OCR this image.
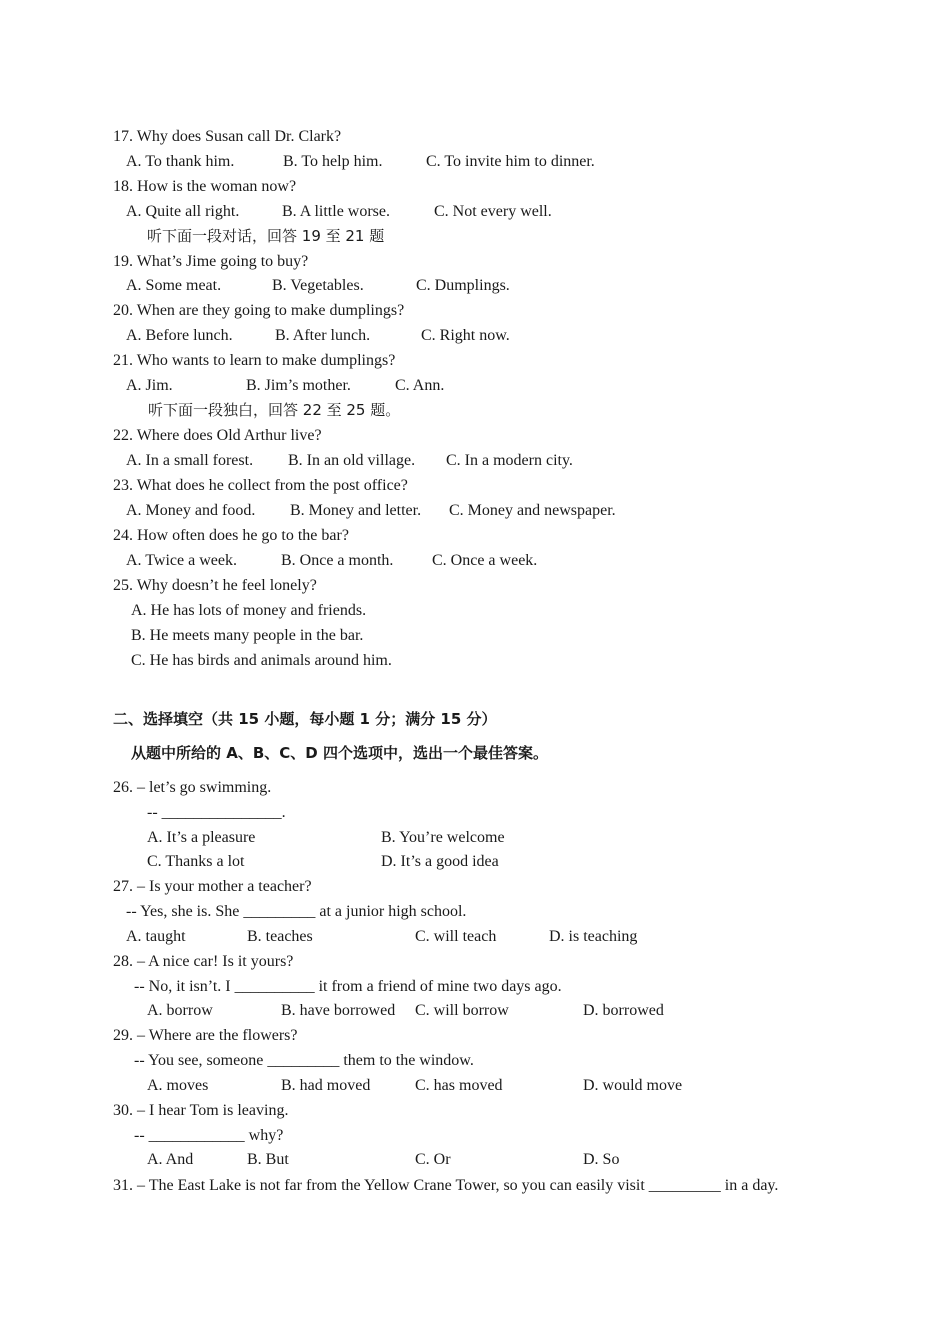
17. Why does Susan call Dr. Clark?
A. To thank him.	B. To help him.	C. To invite him to dinner.
18. How is the woman now?
A. Quite all right.	B. A little worse.	C. Not every well.
听下面一段对话，回答 19 至 21 题
19. What’s Jime going to buy?
A. Some meat.	B. Vegetables.	C. Dumplings.
20. When are they going to make dumplings?
A. Before lunch.	B. After lunch.	C. Right now.
21. Who wants to learn to make dumplings?
A. Jim.	B. Jim’s mother.	C. Ann.
听下面一段独白，回答 22 至 25 题。
22. Where does Old Arthur live?
A. In a small forest. B. In an old village. C. In a modern city.
23. What does he collect from the post office?
A. Money and food. B. Money and letter. C. Money and newspaper.
24. How often does he go to the bar?
A. Twice a week.	B. Once a month. C. Once a week.
25. Why doesn’t he feel lonely?
A. He has lots of money and friends.
B. He meets many people in the bar.
C. He has birds and animals around him.
二、选择填空（共 15 小题，每小题 1 分；满分 15 分）
从题中所给的 A、B、C、D 四个选项中，选出一个最佳答案。
26. – let’s go swimming.
-- _______________.
A. It’s a pleasure	B. You’re welcome
C. Thanks a lot	D. It’s a good idea
27. – Is your mother a teacher?
-- Yes, she is. She _________ at a junior high school.
A. taught	B. teaches	C. will teach	D. is teaching
28. – A nice car! Is it yours?
-- No, it isn’t. I __________ it from a friend of mine two days ago.
A. borrow	B. have borrowed C. will borrow	D. borrowed
29. – Where are the flowers?
-- You see, someone _________ them to the window.
A. moves	B. had moved	C. has moved	D. would move
30. – I hear Tom is leaving.
-- ____________ why?
A. And	B. But	C. Or	D. So
31. – The East Lake is not far from the Yellow Crane Tower, so you can easily visit _________ in a day.
